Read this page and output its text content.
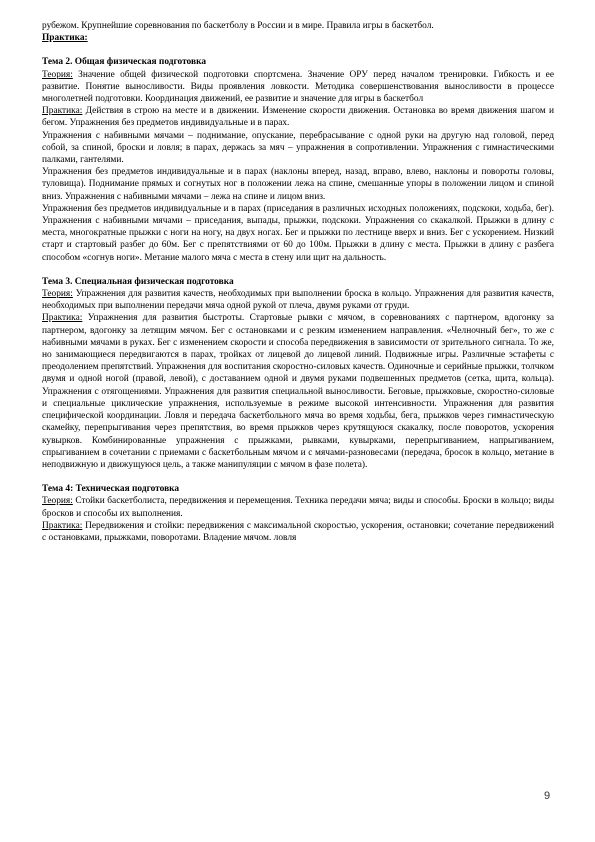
рубежом. Крупнейшие соревнования по баскетболу в России и в мире. Правила игры в баскетбол.

Практика:

Тема 2. Общая физическая подготовка

Теория: Значение общей физической подготовки спортсмена. Значение ОРУ перед началом тренировки. Гибкость и ее развитие. Понятие выносливости. Виды проявления ловкости. Методика совершенствования выносливости в процессе многолетней подготовки. Координация движений, ее развитие и значение для игры в баскетбол

Практика: Действия в строю на месте и в движении. Изменение скорости движения. Остановка во время движения шагом и бегом. Упражнения без предметов индивидуальные и в парах.

Упражнения с набивными мячами – поднимание, опускание, перебрасывание с одной руки на другую над головой, перед собой, за спиной, броски и ловля; в парах, держась за мяч – упражнения в сопротивлении. Упражнения с гимнастическими палками, гантелями.

Упражнения без предметов индивидуальные и в парах (наклоны вперед, назад, вправо, влево, наклоны и повороты головы, туловища). Поднимание прямых и согнутых ног в положении лежа на спине, смешанные упоры в положении лицом и спиной вниз. Упражнения с набивными мячами – лежа на спине и лицом вниз.

Упражнения без предметов индивидуальные и в парах (приседания в различных исходных положениях, подскоки, ходьба, бег). Упражнения с набивными мячами – приседания, выпады, прыжки, подскоки. Упражнения со скакалкой. Прыжки в длину с места, многократные прыжки с ноги на ногу, на двух ногах. Бег и прыжки по лестнице вверх и вниз. Бег с ускорением. Низкий старт и стартовый разбег до 60м. Бег с препятствиями от 60 до 100м. Прыжки в длину с места. Прыжки в длину с разбега способом «согнув ноги». Метание малого мяча с места в стену или щит на дальность.

Тема 3. Специальная физическая подготовка

Теория: Упражнения для развития качеств, необходимых при выполнении броска в кольцо. Упражнения для развития качеств, необходимых при выполнении передачи мяча одной рукой от плеча, двумя руками от груди.

Практика: Упражнения для развития быстроты. Стартовые рывки с мячом, в соревнованиях с партнером, вдогонку за партнером, вдогонку за летящим мячом. Бег с остановками и с резким изменением направления. «Челночный бег», то же с набивными мячами в руках. Бег с изменением скорости и способа передвижения в зависимости от зрительного сигнала. То же, но занимающиеся передвигаются в парах, тройках от лицевой до лицевой линий. Подвижные игры. Различные эстафеты с преодолением препятствий. Упражнения для воспитания скоростно-силовых качеств. Одиночные и серийные прыжки, толчком двумя и одной ногой (правой, левой), с доставанием одной и двумя руками подвешенных предметов (сетка, щита, кольца). Упражнения с отягощениями. Упражнения для развития специальной выносливости. Беговые, прыжковые, скоростно-силовые и специальные циклические упражнения, используемые в режиме высокой интенсивности. Упражнения для развития специфической координации. Ловля и передача баскетбольного мяча во время ходьбы, бега, прыжков через гимнастическую скамейку, перепрыгивания через препятствия, во время прыжков через крутящуюся скакалку, после поворотов, ускорения кувырков. Комбинированные упражнения с прыжками, рывками, кувырками, перепрыгиванием, напрыгиванием, спрыгиванием в сочетании с приемами с баскетбольным мячом и с мячами-разновесами (передача, бросок в кольцо, метание в неподвижную и движущуюся цель, а также манипуляции с мячом в фазе полета).

Тема 4: Техническая подготовка

Теория: Стойки баскетболиста, передвижения и перемещения. Техника передачи мяча; виды и способы. Броски в кольцо; виды бросков и способы их выполнения.

Практика: Передвижения и стойки: передвижения с максимальной скоростью, ускорения, остановки; сочетание передвижений с остановками, прыжками, поворотами. Владение мячом. ловля

9
